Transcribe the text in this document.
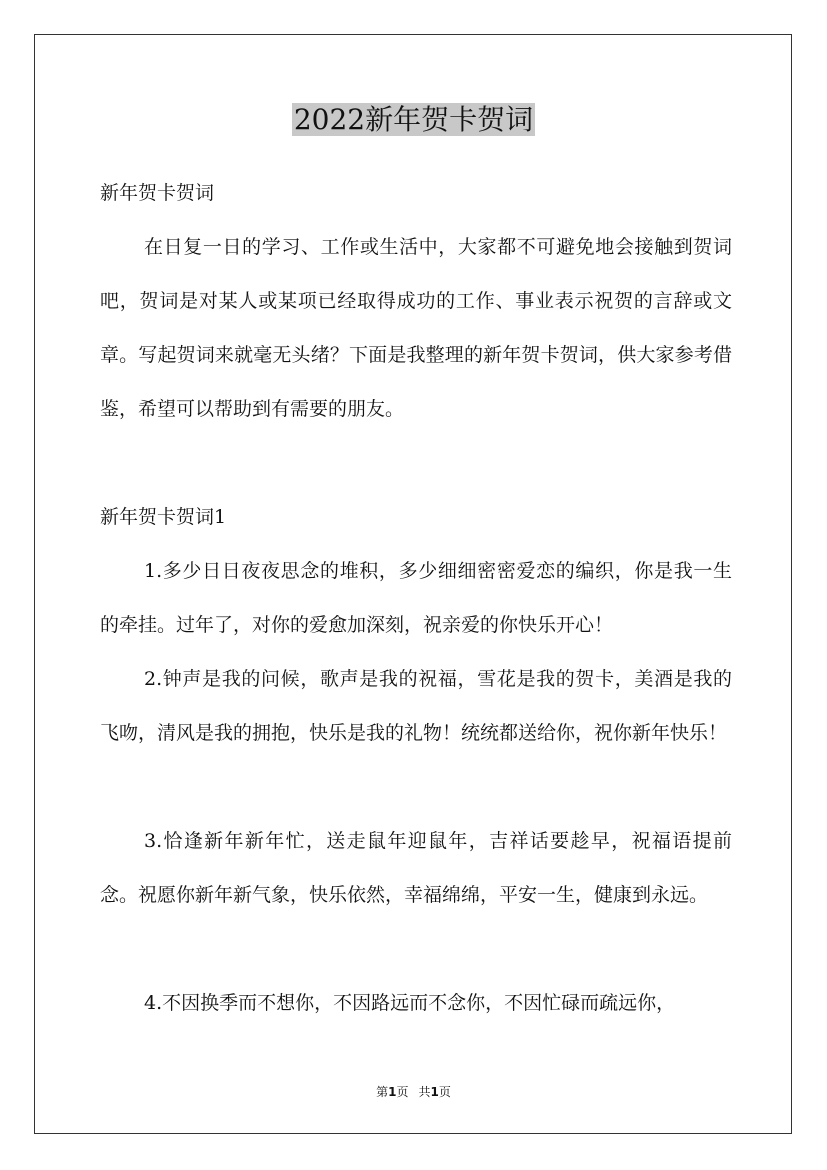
2022新年贺卡贺词

新年贺卡贺词

在日复一日的学习、工作或生活中，大家都不可避免地会接触到贺词吧，贺词是对某人或某项已经取得成功的工作、事业表示祝贺的言辞或文章。写起贺词来就毫无头绪？下面是我整理的新年贺卡贺词，供大家参考借鉴，希望可以帮助到有需要的朋友。

新年贺卡贺词1

1.多少日日夜夜思念的堆积，多少细细密密爱恋的编织，你是我一生的牵挂。过年了，对你的爱愈加深刻，祝亲爱的你快乐开心！

2.钟声是我的问候，歌声是我的祝福，雪花是我的贺卡，美酒是我的飞吻，清风是我的拥抱，快乐是我的礼物！统统都送给你，祝你新年快乐！

3.恰逢新年新年忙，送走鼠年迎鼠年，吉祥话要趁早，祝福语提前念。祝愿你新年新气象，快乐依然，幸福绵绵，平安一生，健康到永远。

4.不因换季而不想你，不因路远而不念你，不因忙碌而疏远你，

第1页 共1页
